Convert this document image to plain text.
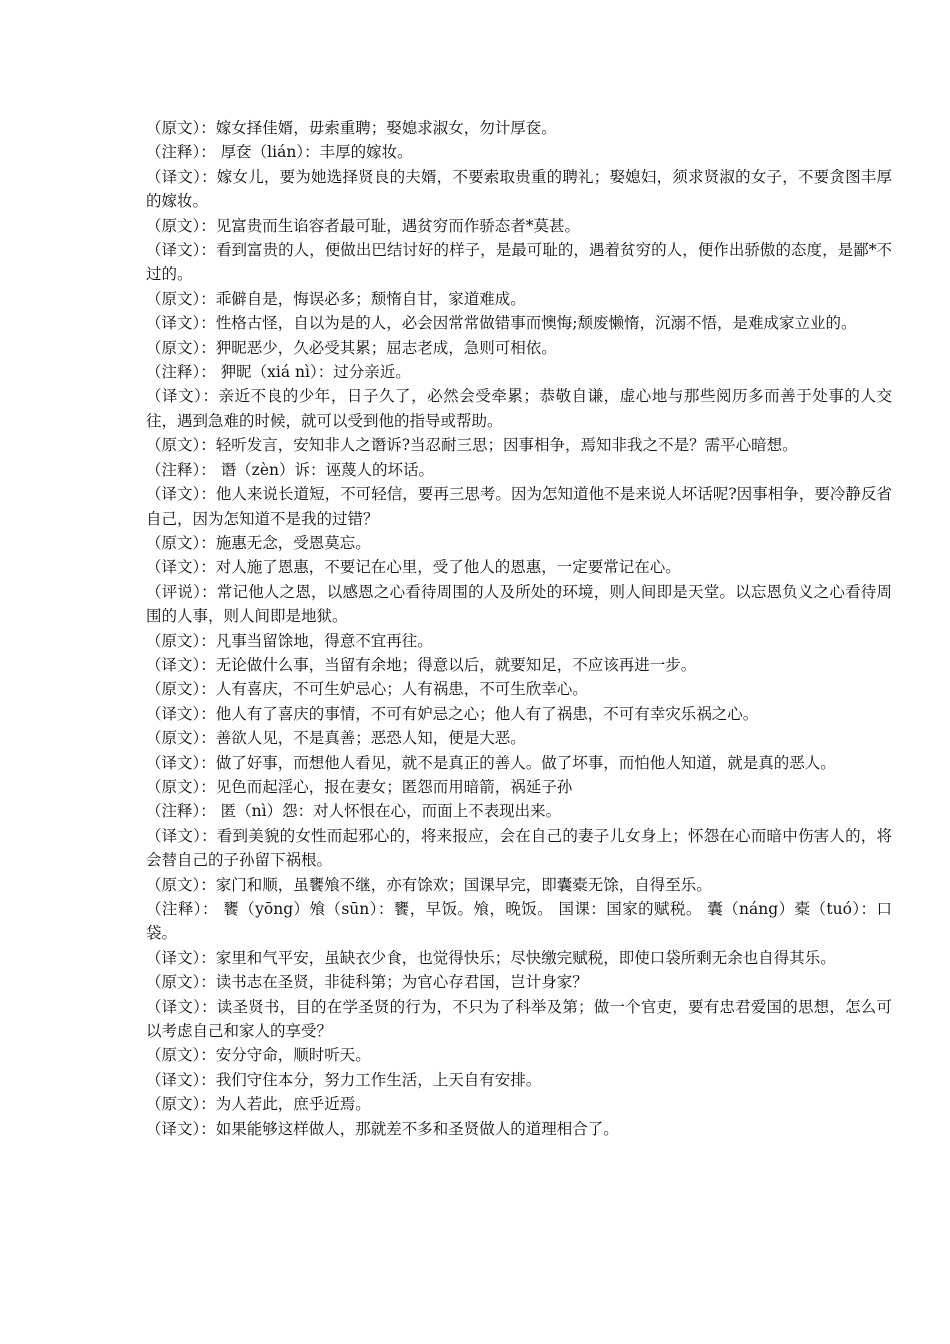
（原文）：嫁女择佳婿，毋索重聘；娶媳求淑女，勿计厚奁。

（注释）： 厚奁（lián）：丰厚的嫁妆。

（译文）：嫁女儿，要为她选择贤良的夫婿，不要索取贵重的聘礼；娶媳妇，须求贤淑的女子，不要贪图丰厚的嫁妆。

（原文）：见富贵而生谄容者最可耻，遇贫穷而作骄态者*莫甚。

（译文）：看到富贵的人，便做出巴结讨好的样子，是最可耻的，遇着贫穷的人，便作出骄傲的态度，是鄙*不过的。

（原文）：乖僻自是，悔误必多；颓惰自甘，家道难成。

（译文）：性格古怪，自以为是的人，必会因常常做错事而懊悔;颓废懒惰，沉溺不悟，是难成家立业的。

（原文）：狎昵恶少，久必受其累；屈志老成，急则可相依。

（注释）： 狎昵（xiá nì）：过分亲近。

（译文）：亲近不良的少年，日子久了，必然会受牵累；恭敬自谦，虚心地与那些阅历多而善于处事的人交往，遇到急难的时候，就可以受到他的指导或帮助。

（原文）：轻听发言，安知非人之谮诉?当忍耐三思；因事相争，焉知非我之不是？需平心暗想。

（注释）： 谮（zèn）诉：诬蔑人的坏话。

（译文）：他人来说长道短，不可轻信，要再三思考。因为怎知道他不是来说人坏话呢?因事相争，要冷静反省自己，因为怎知道不是我的过错？

（原文）：施惠无念，受恩莫忘。

（译文）：对人施了恩惠，不要记在心里，受了他人的恩惠，一定要常记在心。

（评说）：常记他人之恩，以感恩之心看待周围的人及所处的环境，则人间即是天堂。以忘恩负义之心看待周围的人事，则人间即是地狱。

（原文）：凡事当留馀地，得意不宜再往。

（译文）：无论做什么事，当留有余地；得意以后，就要知足，不应该再进一步。

（原文）：人有喜庆，不可生妒忌心；人有祸患，不可生欣幸心。

（译文）：他人有了喜庆的事情，不可有妒忌之心；他人有了祸患，不可有幸灾乐祸之心。

（原文）：善欲人见，不是真善；恶恐人知，便是大恶。

（译文）：做了好事，而想他人看见，就不是真正的善人。做了坏事，而怕他人知道，就是真的恶人。

（原文）：见色而起淫心，报在妻女；匿怨而用暗箭，祸延子孙

（注释）： 匿（nì）怨：对人怀恨在心，而面上不表现出来。

（译文）：看到美貌的女性而起邪心的，将来报应，会在自己的妻子儿女身上；怀怨在心而暗中伤害人的，将会替自己的子孙留下祸根。

（原文）：家门和顺，虽饔飧不继，亦有馀欢；国课早完，即囊橐无馀，自得至乐。

（注释）： 饔（yōng）飧（sūn）：饔，早饭。飧，晚饭。 国课：国家的赋税。 囊（náng）橐（tuó）：口袋。

（译文）：家里和气平安，虽缺衣少食，也觉得快乐；尽快缴完赋税，即使口袋所剩无余也自得其乐。

（原文）：读书志在圣贤，非徒科第；为官心存君国，岂计身家？

（译文）：读圣贤书，目的在学圣贤的行为，不只为了科举及第；做一个官吏，要有忠君爱国的思想，怎么可以考虑自己和家人的享受？

（原文）：安分守命，顺时听天。

（译文）：我们守住本分，努力工作生活，上天自有安排。

（原文）：为人若此，庶乎近焉。

（译文）：如果能够这样做人，那就差不多和圣贤做人的道理相合了。
